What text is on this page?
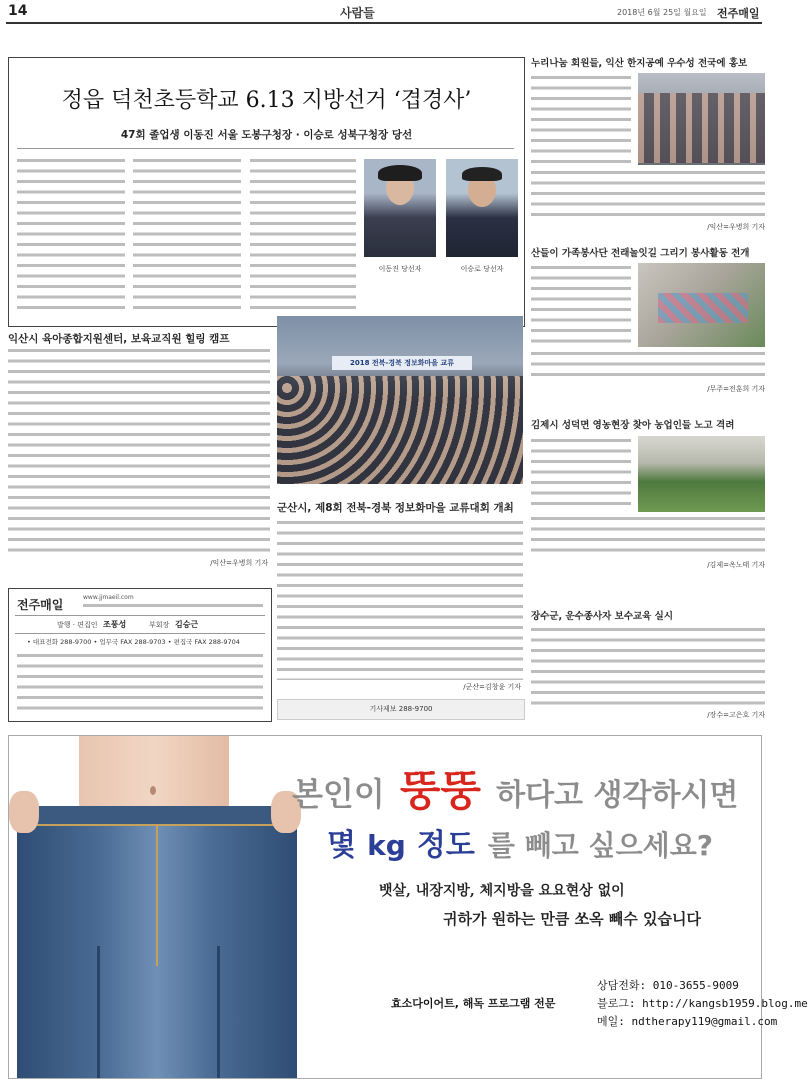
14	사람들	2018년 6월 25일 월요일 전주매일
정읍 덕천초등학교 6.13 지방선거 ‘겹경사’
47회 졸업생 이동진 서울 도봉구청장 · 이승로 성북구청장 당선
이동진 당선자	이승로 당선자
익산시 육아종합지원센터, 보육교직원 힐링 캠프
/익산=우병희 기자
전주매일
www.jjmaeil.com
발행 · 편집인 조풍성	부회장 김승근
• 대표전화 288-9700 • 업무국 FAX 288-9703 • 편집국 FAX 288-9704
2018 전북-경북 정보화마을 교류
군산시, 제8회 전북-경북 정보화마을 교류대회 개최
/군산=김창윤 기자
기사제보 288-9700
누리나눔 회원들, 익산 한지공예 우수성 전국에 홍보
/익산=우병희 기자
산들이 가족봉사단 전래놀잇길 그리기 봉사활동 전개
/무주=전훈희 기자
김제시 성덕면 영농현장 찾아 농업인들 노고 격려
/김제=옥노태 기자
장수군, 운수종사자 보수교육 실시
/장수=고은호 기자
본인이 뚱뚱 하다고 생각하시면
몇 kg 정도 를 빼고 싶으세요?
뱃살, 내장지방, 체지방을 요요현상 없이
귀하가 원하는 만큼 쏘옥 빼수 있습니다
효소다이어트, 해독 프로그램 전문
상담전화: 010-3655-9009
블로그: http://kangsb1959.blog.me
메일: ndtherapy119@gmail.com
